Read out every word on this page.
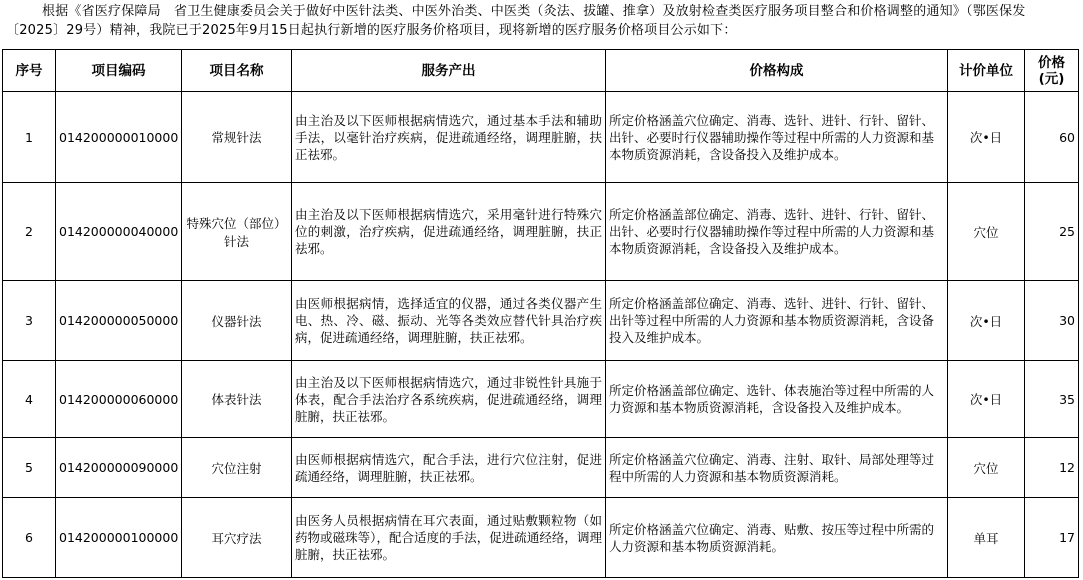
根据《省医疗保障局　省卫生健康委员会关于做好中医针法类、中医外治类、中医类（灸法、拔罐、推拿）及放射检查类医疗服务项目整合和价格调整的通知》（鄂医保发〔2025〕29号）精神，我院已于2025年9月15日起执行新增的医疗服务价格项目，现将新增的医疗服务价格项目公示如下：
序号	项目编码	项目名称	服务产出	价格构成	计价单位	价格
(元)

1	014200000010000	常规针法	由主治及以下医师根据病情选穴，通过基本手法和辅助手法，以毫针治疗疾病，促进疏通经络，调理脏腑，扶正祛邪。	所定价格涵盖穴位确定、消毒、选针、进针、行针、留针、出针、必要时行仪器辅助操作等过程中所需的人力资源和基本物质资源消耗，含设备投入及维护成本。	次•日	60
2	014200000040000	特殊穴位（部位）针法	由主治及以下医师根据病情选穴，采用毫针进行特殊穴位的刺激，治疗疾病，促进疏通经络，调理脏腑，扶正祛邪。	所定价格涵盖部位确定、消毒、选针、进针、行针、留针、出针、必要时行仪器辅助操作等过程中所需的人力资源和基本物质资源消耗，含设备投入及维护成本。	穴位	25
3	014200000050000	仪器针法	由医师根据病情，选择适宜的仪器，通过各类仪器产生电、热、冷、磁、振动、光等各类效应替代针具治疗疾病，促进疏通经络，调理脏腑，扶正祛邪。	所定价格涵盖部位确定、消毒、选针、进针、行针、留针、出针等过程中所需的人力资源和基本物质资源消耗，含设备投入及维护成本。	次•日	30
4	014200000060000	体表针法	由主治及以下医师根据病情选穴，通过非锐性针具施于体表，配合手法治疗各系统疾病，促进疏通经络，调理脏腑，扶正祛邪。	所定价格涵盖部位确定、选针、体表施治等过程中所需的人力资源和基本物质资源消耗，含设备投入及维护成本。	次•日	35
5	014200000090000	穴位注射	由医师根据病情选穴，配合手法，进行穴位注射，促进疏通经络，调理脏腑，扶正祛邪。	所定价格涵盖穴位确定、消毒、注射、取针、局部处理等过程中所需的人力资源和基本物质资源消耗。	穴位	12
6	014200000100000	耳穴疗法	由医务人员根据病情在耳穴表面，通过贴敷颗粒物（如药物或磁珠等），配合适度的手法，促进疏通经络，调理脏腑，扶正祛邪。	所定价格涵盖穴位确定、消毒、贴敷、按压等过程中所需的人力资源和基本物质资源消耗。	单耳	17
